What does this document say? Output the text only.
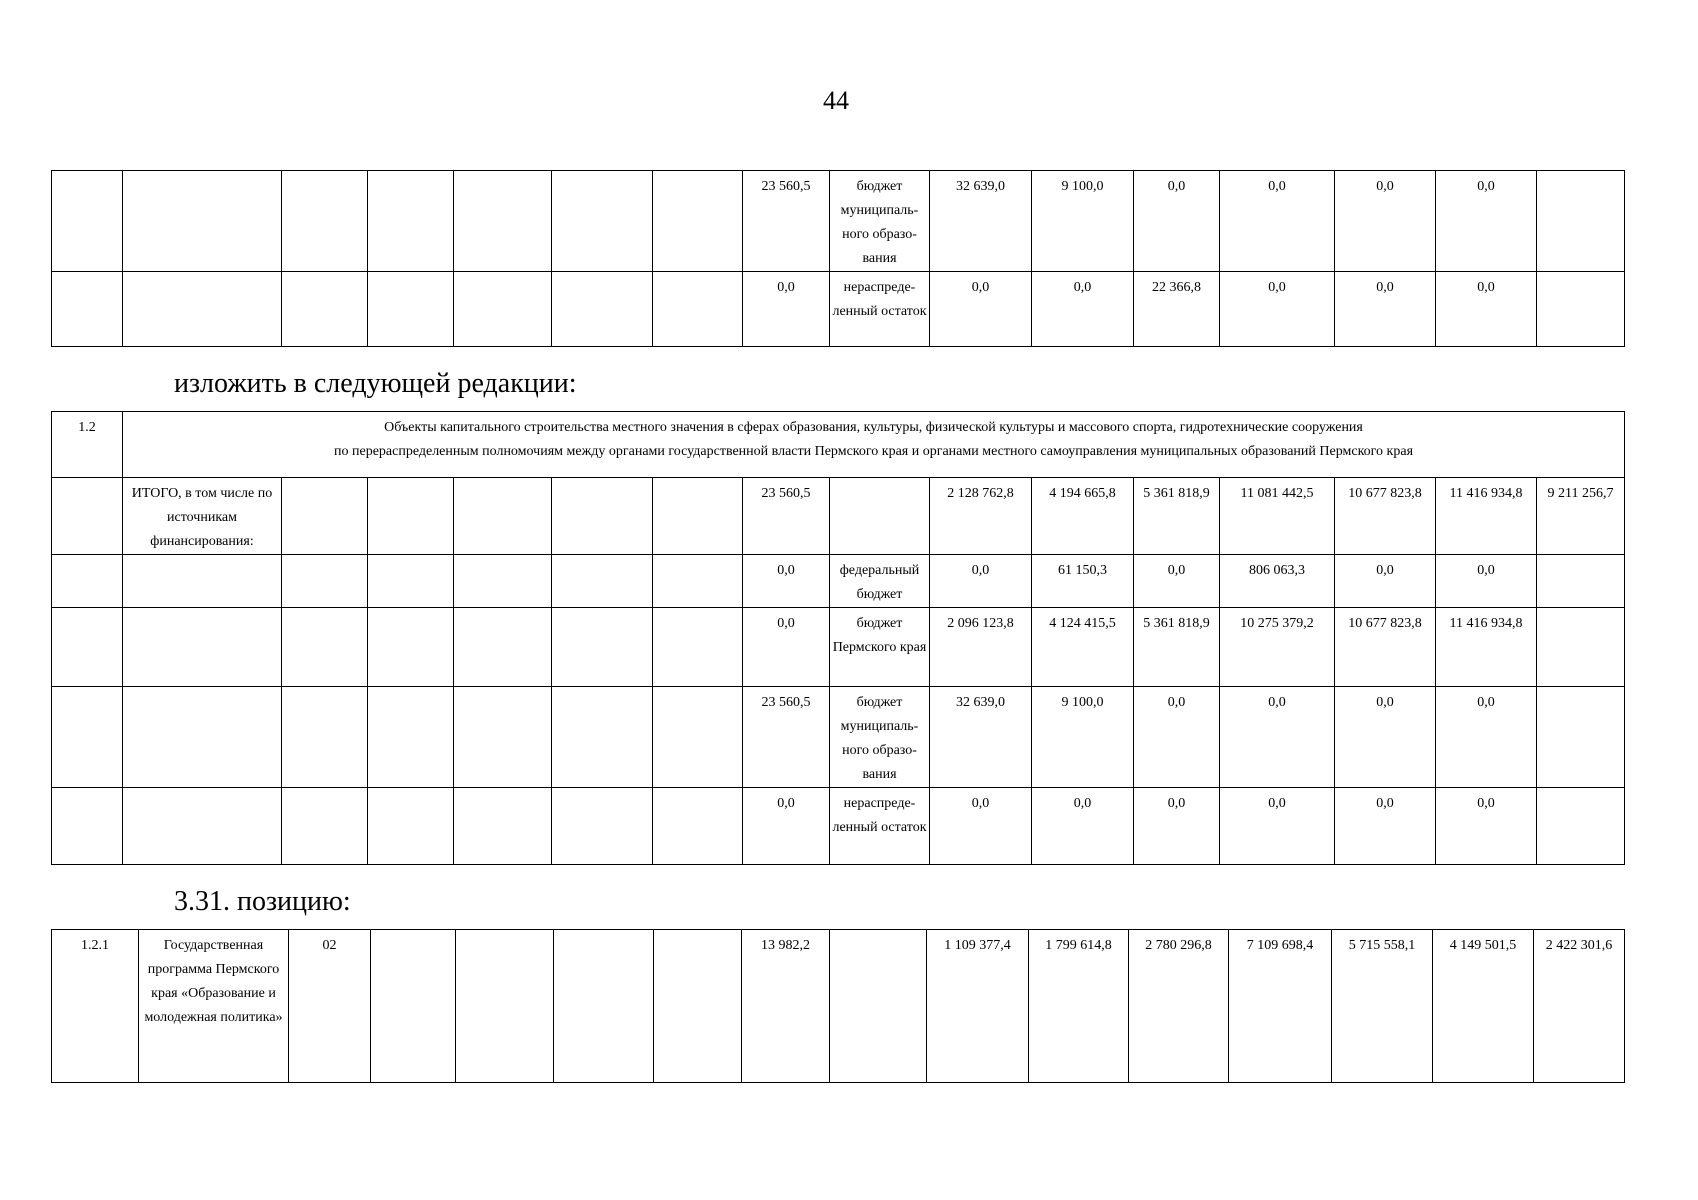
44
							23 560,5	бюджет муниципаль-ного образо-вания	32 639,0	9 100,0	0,0	0,0	0,0	0,0	
							0,0	нераспреде-ленный остаток	0,0	0,0	22 366,8	0,0	0,0	0,0	
изложить в следующей редакции:
1.2	Объекты капитального строительства местного значения в сферах образования, культуры, физической культуры и массового спорта, гидротехнические сооружения
по перераспределенным полномочиям между органами государственной власти Пермского края и органами местного самоуправления муниципальных образований Пермского края														

	ИТОГО, в том числе по источникам финансирования:						23 560,5		2 128 762,8	4 194 665,8	5 361 818,9	11 081 442,5	10 677 823,8	11 416 934,8	9 211 256,7
							0,0	федеральный бюджет	0,0	61 150,3	0,0	806 063,3	0,0	0,0	
							0,0	бюджет Пермского края	2 096 123,8	4 124 415,5	5 361 818,9	10 275 379,2	10 677 823,8	11 416 934,8	
							23 560,5	бюджет муниципаль-ного образо-вания	32 639,0	9 100,0	0,0	0,0	0,0	0,0	
							0,0	нераспреде-ленный остаток	0,0	0,0	0,0	0,0	0,0	0,0	
3.31. позицию:
1.2.1	Государственная программа Пермского края «Образование и молодежная политика»	02					13 982,2		1 109 377,4	1 799 614,8	2 780 296,8	7 109 698,4	5 715 558,1	4 149 501,5	2 422 301,6
